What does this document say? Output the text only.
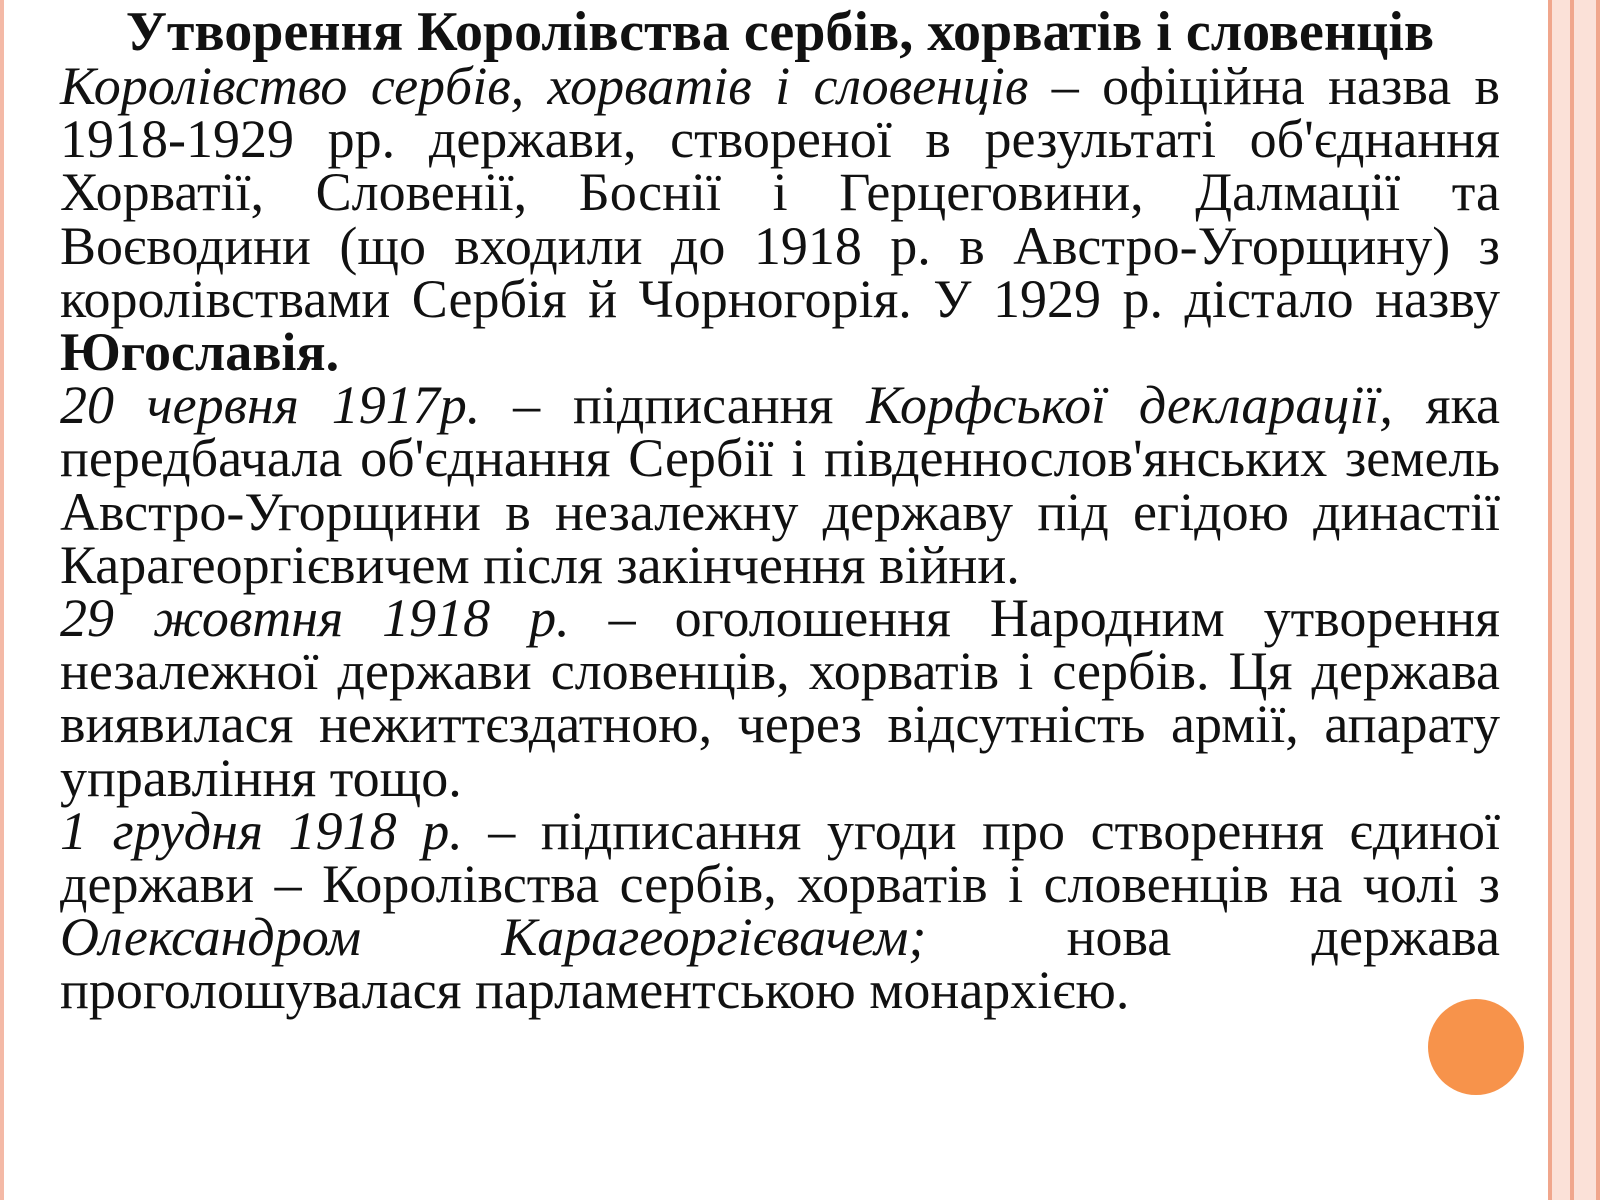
Утворення Королівства сербів, хорватів і словенців

Королівство сербів, хорватів і словенців – офіційна назва в 1918-1929 рр. держави, створеної в результаті об'єднання Хорватії, Словенії, Боснії і Герцеговини, Далмації та Воєводини (що входили до 1918 р. в Австро-Угорщину) з королівствами Сербія й Чорногорія. У 1929 р. дістало назву Югославія.

20 червня 1917р. – підписання Корфської декларації, яка передбачала об'єднання Сербії і південнослов'янських земель Австро-Угорщини в незалежну державу під егідою династії Карагеоргієвичем після закінчення війни.

29 жовтня 1918 р. – оголошення Народним утворення незалежної держави словенців, хорватів і сербів. Ця держава виявилася нежиттєздатною, через відсутність армії, апарату управління тощо.

1 грудня 1918 р. – підписання угоди про створення єдиної держави – Королівства сербів, хорватів і словенців на чолі з Олександром Карагеоргієвачем; нова держава проголошувалася парламентською монархією.
